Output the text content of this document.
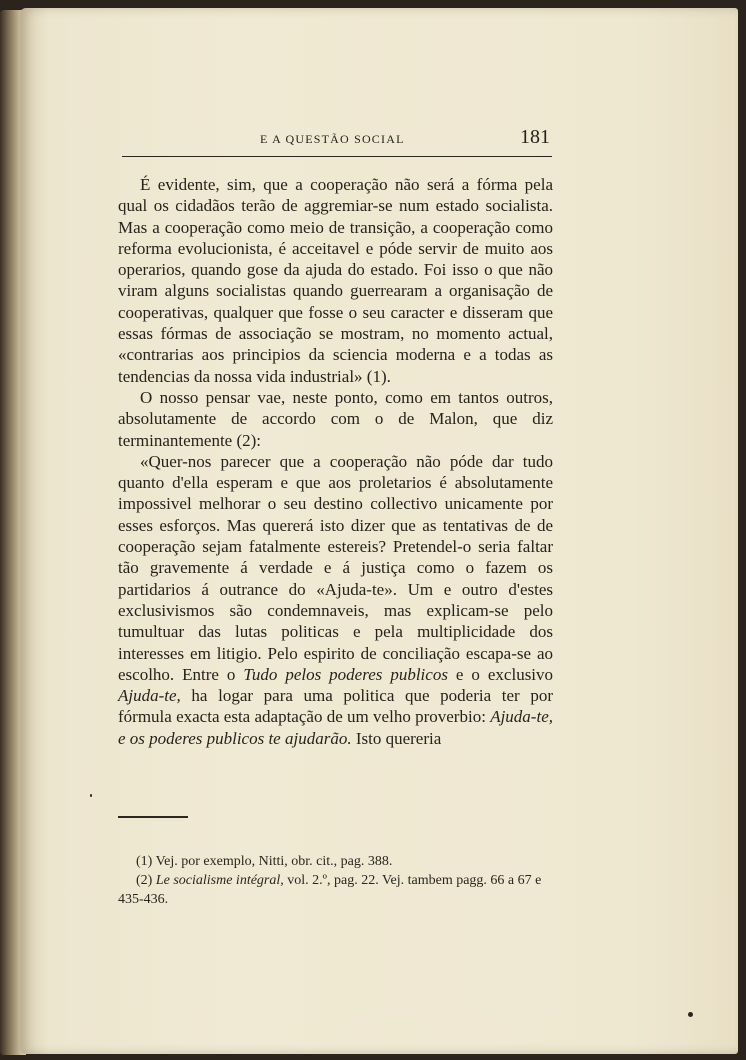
E A QUESTÃO SOCIAL	181

É evidente, sim, que a cooperação não será a fórma pela qual os cidadãos terão de aggremiar-se num estado socialista. Mas a cooperação como meio de transição, a cooperação como reforma evolucionista, é acceitavel e póde servir de muito aos operarios, quando gose da ajuda do estado. Foi isso o que não viram alguns socialistas quando guerrearam a organisação de cooperativas, qualquer que fosse o seu caracter e disseram que essas fórmas de associação se mostram, no momento actual, «contrarias aos principios da sciencia moderna e a todas as tendencias da nossa vida industrial» (1).

O nosso pensar vae, neste ponto, como em tantos outros, absolutamente de accordo com o de Malon, que diz terminantemente (2):

«Quer-nos parecer que a cooperação não póde dar tudo quanto d'ella esperam e que aos proletarios é absolutamente impossivel melhorar o seu destino collectivo unicamente por esses esforços. Mas quererá isto dizer que as tentativas de de cooperação sejam fatalmente estereis? Pretendel-o seria faltar tão gravemente á verdade e á justiça como o fazem os partidarios á outrance do «Ajuda-te». Um e outro d'estes exclusivismos são condemnaveis, mas explicam-se pelo tumultuar das lutas politicas e pela multiplicidade dos interesses em litigio. Pelo espirito de conciliação escapa-se ao escolho. Entre o Tudo pelos poderes publicos e o exclusivo Ajuda-te, ha logar para uma politica que poderia ter por fórmula exacta esta adaptação de um velho proverbio: Ajuda-te, e os poderes publicos te ajudarão. Isto quereria

(1) Vej. por exemplo, Nitti, obr. cit., pag. 388.

(2) Le socialisme intégral, vol. 2.º, pag. 22. Vej. tambem pagg. 66 a 67 e 435-436.
